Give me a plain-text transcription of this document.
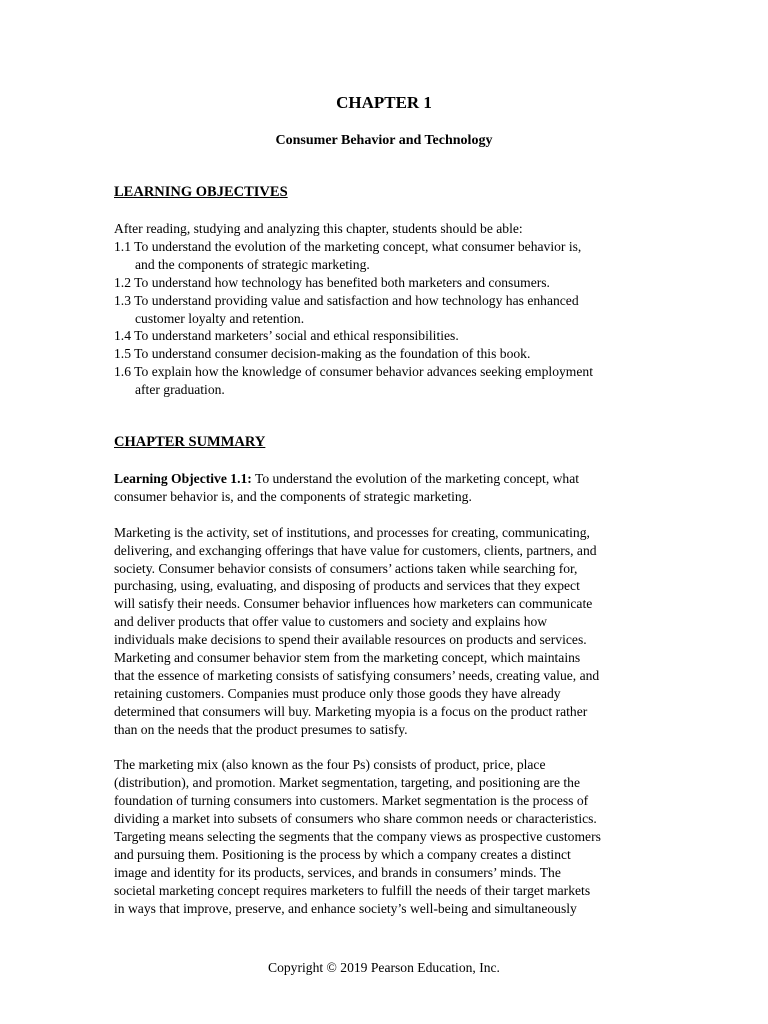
CHAPTER 1
Consumer Behavior and Technology
LEARNING OBJECTIVES
After reading, studying and analyzing this chapter, students should be able:
1.1 To understand the evolution of the marketing concept, what consumer behavior is,
and the components of strategic marketing.
1.2 To understand how technology has benefited both marketers and consumers.
1.3 To understand providing value and satisfaction and how technology has enhanced
customer loyalty and retention.
1.4 To understand marketers’ social and ethical responsibilities.
1.5 To understand consumer decision-making as the foundation of this book.
1.6 To explain how the knowledge of consumer behavior advances seeking employment
after graduation.
CHAPTER SUMMARY
Learning Objective 1.1: To understand the evolution of the marketing concept, what
consumer behavior is, and the components of strategic marketing.
Marketing is the activity, set of institutions, and processes for creating, communicating,
delivering, and exchanging offerings that have value for customers, clients, partners, and
society. Consumer behavior consists of consumers’ actions taken while searching for,
purchasing, using, evaluating, and disposing of products and services that they expect
will satisfy their needs. Consumer behavior influences how marketers can communicate
and deliver products that offer value to customers and society and explains how
individuals make decisions to spend their available resources on products and services.
Marketing and consumer behavior stem from the marketing concept, which maintains
that the essence of marketing consists of satisfying consumers’ needs, creating value, and
retaining customers. Companies must produce only those goods they have already
determined that consumers will buy. Marketing myopia is a focus on the product rather
than on the needs that the product presumes to satisfy.
The marketing mix (also known as the four Ps) consists of product, price, place
(distribution), and promotion. Market segmentation, targeting, and positioning are the
foundation of turning consumers into customers. Market segmentation is the process of
dividing a market into subsets of consumers who share common needs or characteristics.
Targeting means selecting the segments that the company views as prospective customers
and pursuing them. Positioning is the process by which a company creates a distinct
image and identity for its products, services, and brands in consumers’ minds. The
societal marketing concept requires marketers to fulfill the needs of their target markets
in ways that improve, preserve, and enhance society’s well-being and simultaneously
Copyright © 2019 Pearson Education, Inc.
